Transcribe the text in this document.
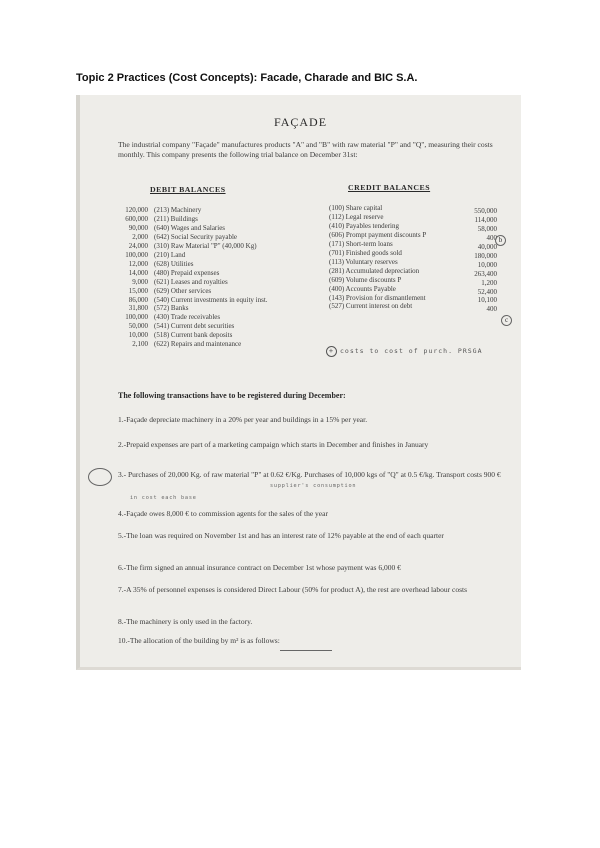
Topic 2 Practices (Cost Concepts): Facade, Charade and BIC S.A.
FAÇADE
The industrial company "Façade" manufactures products "A" and "B" with raw material "P" and "Q", measuring their costs monthly. This company presents the following trial balance on December 31st:
DEBIT BALANCES	CREDIT BALANCES
120,000 (213) Machinery
600,000 (211) Buildings
90,000 (640) Wages and Salaries
2,000 (642) Social Security payable
24,000 (310) Raw Material "P" (40,000 Kg)
100,000 (210) Land
12,000 (628) Utilities
14,000 (480) Prepaid expenses
9,000 (621) Leases and royalties
15,000 (629) Other services
86,000 (540) Current investments in equity inst.
31,800 (572) Banks
100,000 (430) Trade receivables
50,000 (541) Current debt securities
10,000 (518) Current bank deposits
2,100 (622) Repairs and maintenance
(100) Share capital	550,000
(112) Legal reserve	114,000
(410) Payables tendering	58,000
(606) Prompt payment discounts P	400
(171) Short-term loans	40,000
(701) Finished goods sold	180,000
(113) Voluntary reserves	10,000
(281) Accumulated depreciation	263,400
(609) Volume discounts P	1,200
(400) Accounts Payable	52,400
(143) Provision for dismantlement	10,100
(527) Current interest on debt	400
b
c
+ costs to cost of purch. PRSGA
The following transactions have to be registered during December:
1.-Façade depreciate machinery in a 20% per year and buildings in a 15% per year.
2.-Prepaid expenses are part of a marketing campaign which starts in December and finishes in January
3.- Purchases of 20,000 Kg. of raw material "P" at 0.62 €/Kg. Purchases of 10,000 kgs of "Q" at 0.5 €/kg. Transport costs 900 €
supplier's consumption
in cost each base
4.-Façade owes 8,000 € to commission agents for the sales of the year
5.-The loan was required on November 1st and has an interest rate of 12% payable at the end of each quarter
6.-The firm signed an annual insurance contract on December 1st whose payment was 6,000 €
7.-A 35% of personnel expenses is considered Direct Labour (50% for product A), the rest are overhead labour costs
8.-The machinery is only used in the factory.
10.-The allocation of the building by m² is as follows:
